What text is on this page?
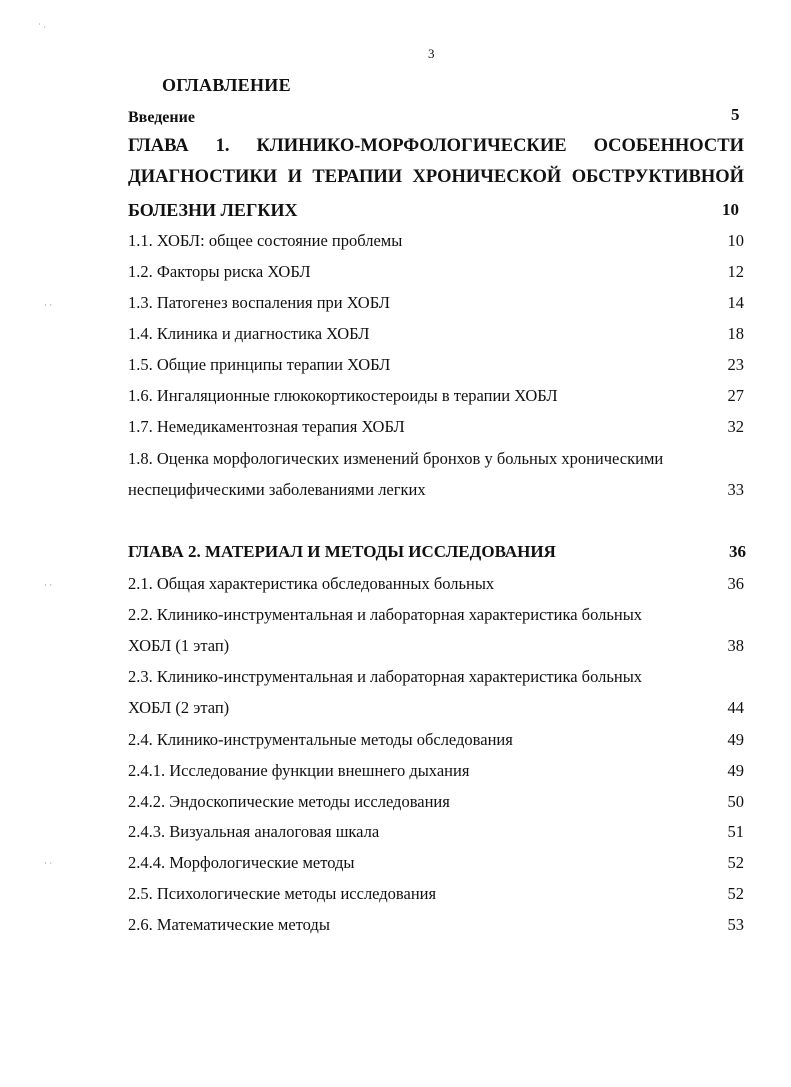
˙ ·
· ·
· ·
· ·
3
ОГЛАВЛЕНИЕ
Введение	5
ГЛАВА 1. КЛИНИКО-МОРФОЛОГИЧЕСКИЕ ОСОБЕННОСТИ
ДИАГНОСТИКИ И ТЕРАПИИ ХРОНИЧЕСКОЙ ОБСТРУКТИВНОЙ
БОЛЕЗНИ ЛЕГКИХ	10
1.1. ХОБЛ: общее состояние проблемы	10
1.2. Факторы риска ХОБЛ	12
1.3. Патогенез воспаления при ХОБЛ	14
1.4. Клиника и диагностика ХОБЛ	18
1.5. Общие принципы терапии ХОБЛ	23
1.6. Ингаляционные глюкокортикостероиды в терапии ХОБЛ	27
1.7. Немедикаментозная терапия ХОБЛ	32
1.8. Оценка морфологических изменений бронхов у больных хроническими
неспецифическими заболеваниями легких	33
ГЛАВА 2. МАТЕРИАЛ И МЕТОДЫ ИССЛЕДОВАНИЯ	36
2.1. Общая характеристика обследованных больных	36
2.2. Клинико-инструментальная и лабораторная характеристика больных
ХОБЛ (1 этап)	38
2.3. Клинико-инструментальная и лабораторная характеристика больных
ХОБЛ (2 этап)	44
2.4. Клинико-инструментальные методы обследования	49
2.4.1. Исследование функции внешнего дыхания	49
2.4.2. Эндоскопические методы исследования	50
2.4.3. Визуальная аналоговая шкала	51
2.4.4. Морфологические методы	52
2.5. Психологические методы исследования	52
2.6. Математические методы	53
